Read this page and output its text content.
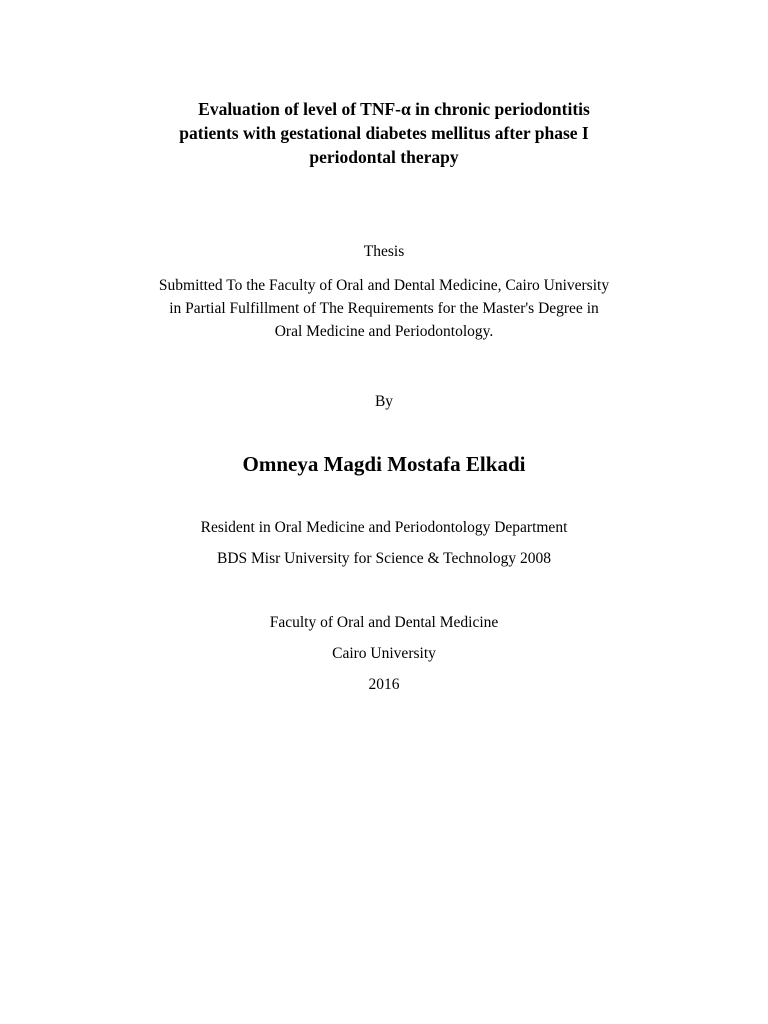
Evaluation of level of TNF-α in chronic periodontitis
patients with gestational diabetes mellitus after phase I
periodontal therapy
Thesis
Submitted To the Faculty of Oral and Dental Medicine, Cairo University
in Partial Fulfillment of The Requirements for the Master's Degree in
Oral Medicine and Periodontology.
By
Omneya Magdi Mostafa Elkadi
Resident in Oral Medicine and Periodontology Department
BDS Misr University for Science & Technology 2008
Faculty of Oral and Dental Medicine
Cairo University
2016
